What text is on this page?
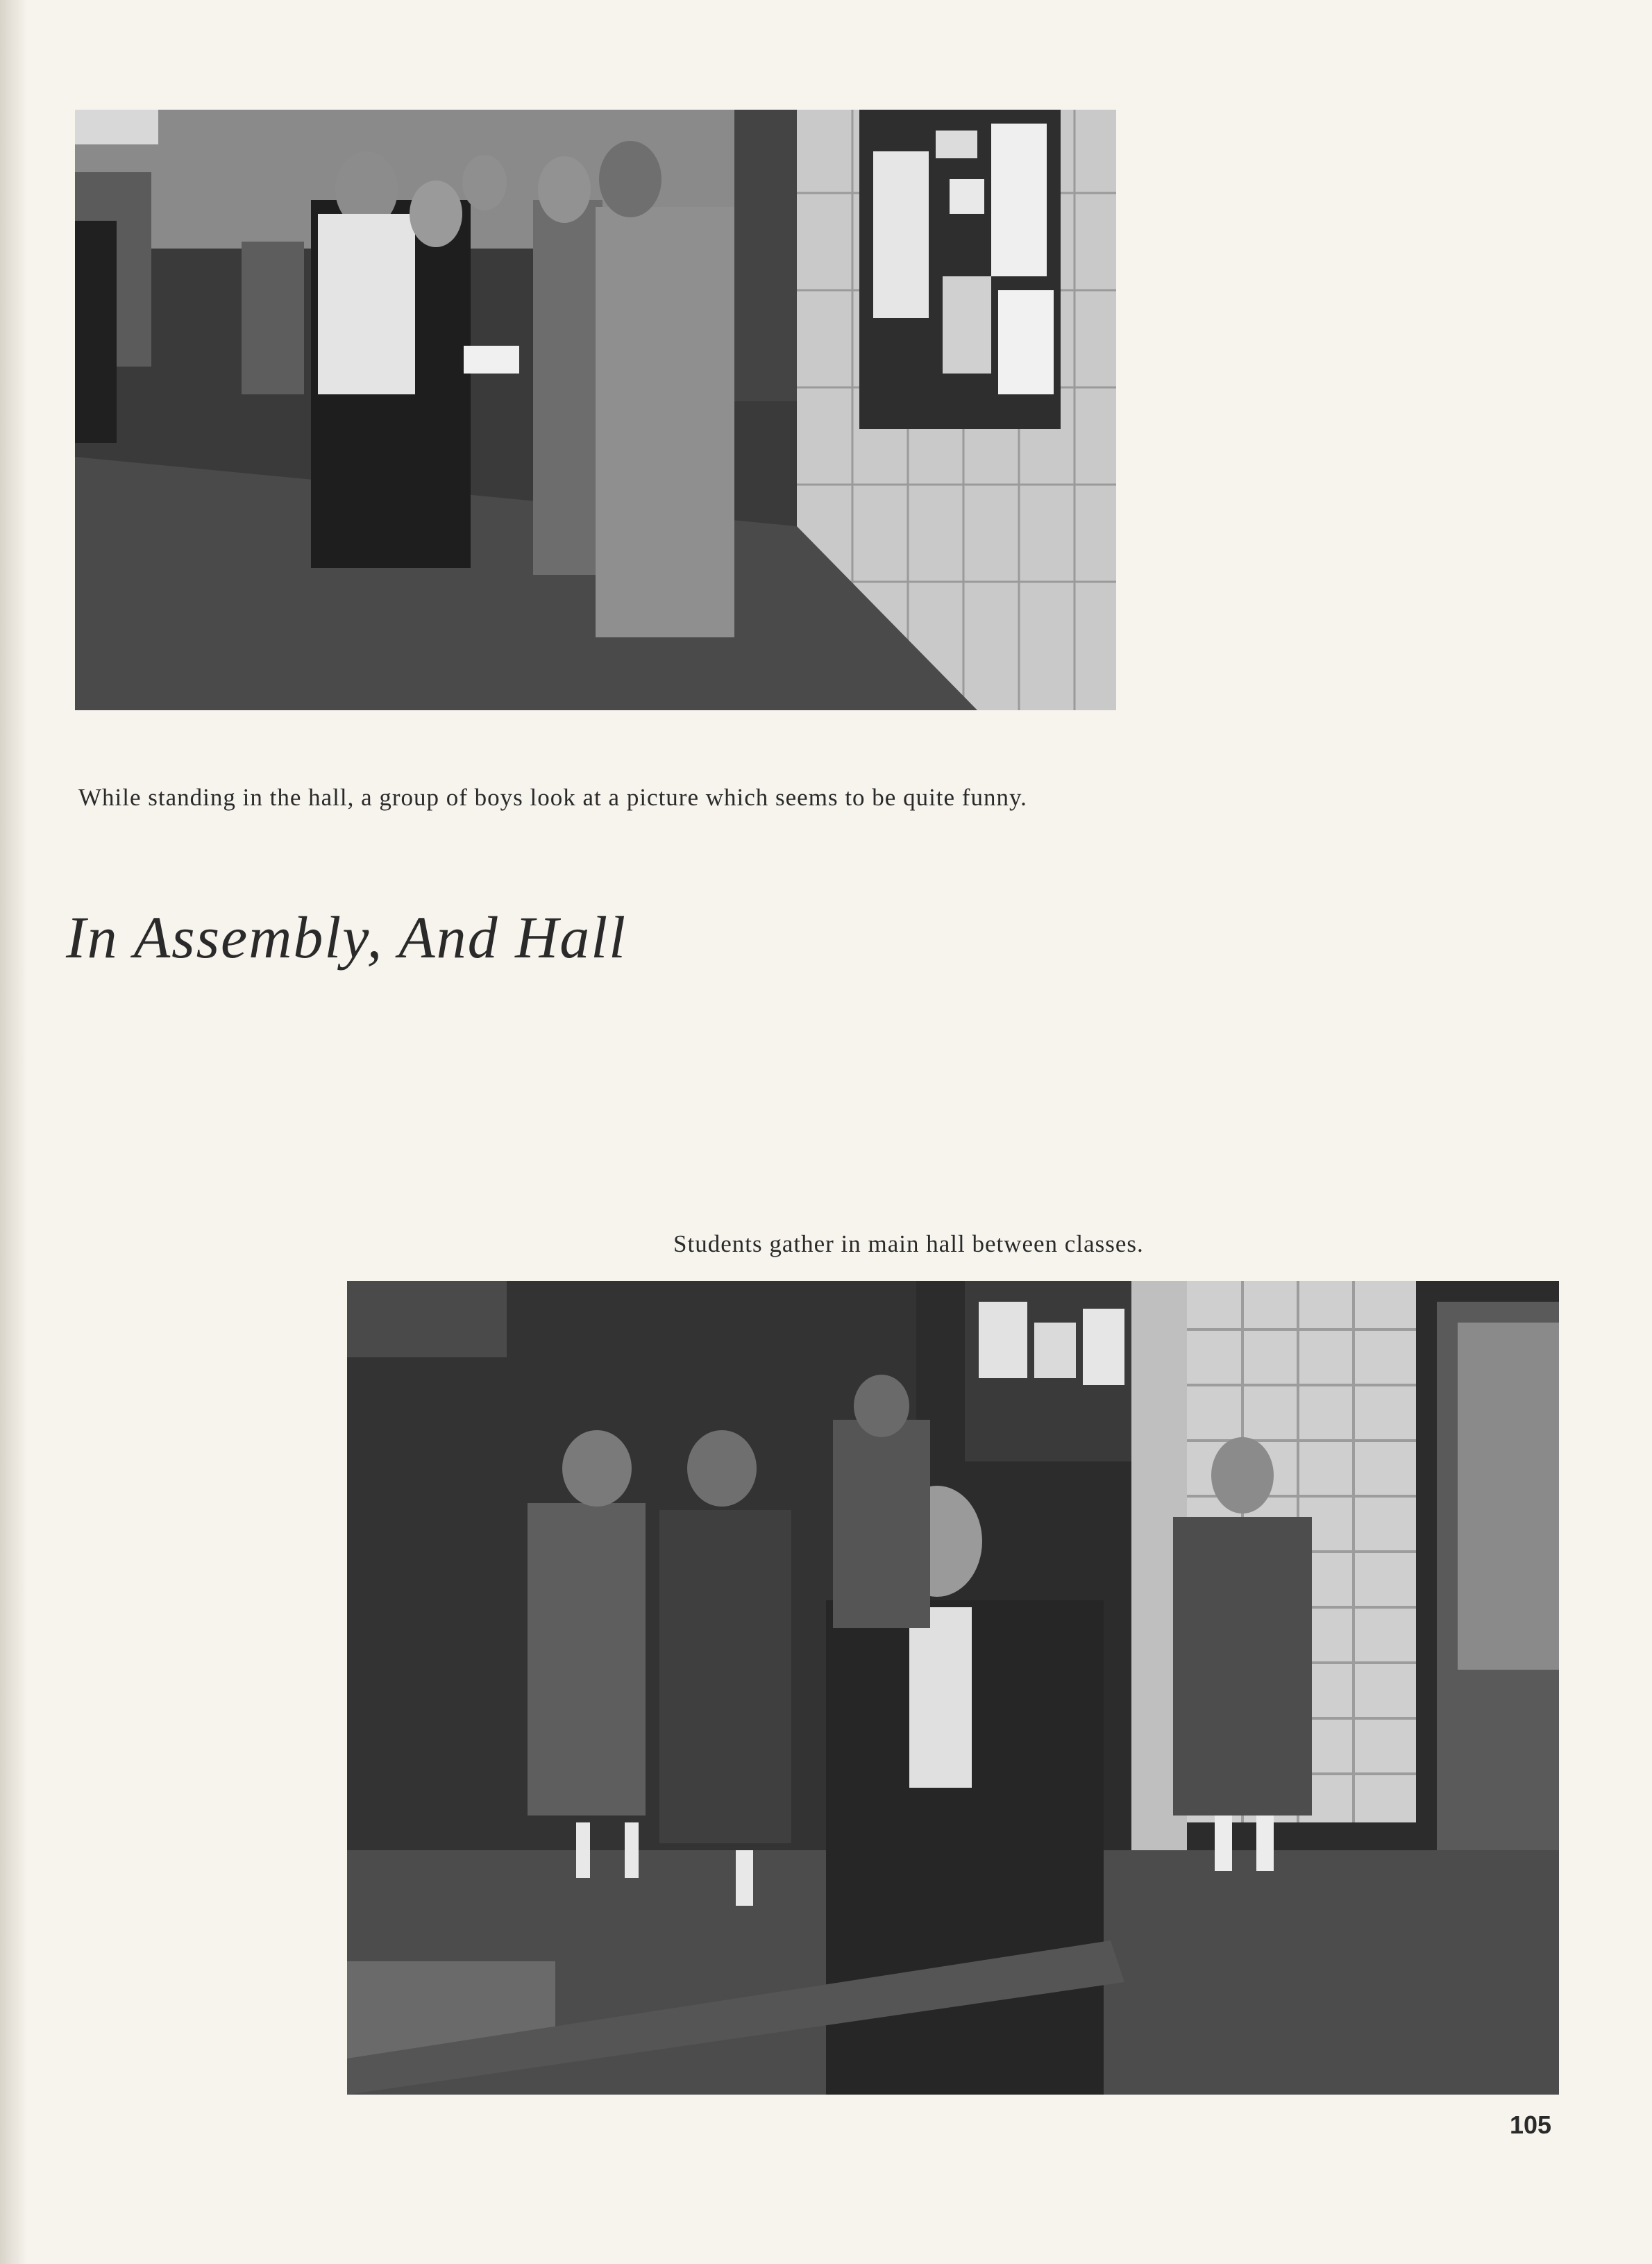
While standing in the hall, a group of boys look at a picture which seems to be quite funny.

In Assembly, And Hall

Students gather in main hall between classes.

105
